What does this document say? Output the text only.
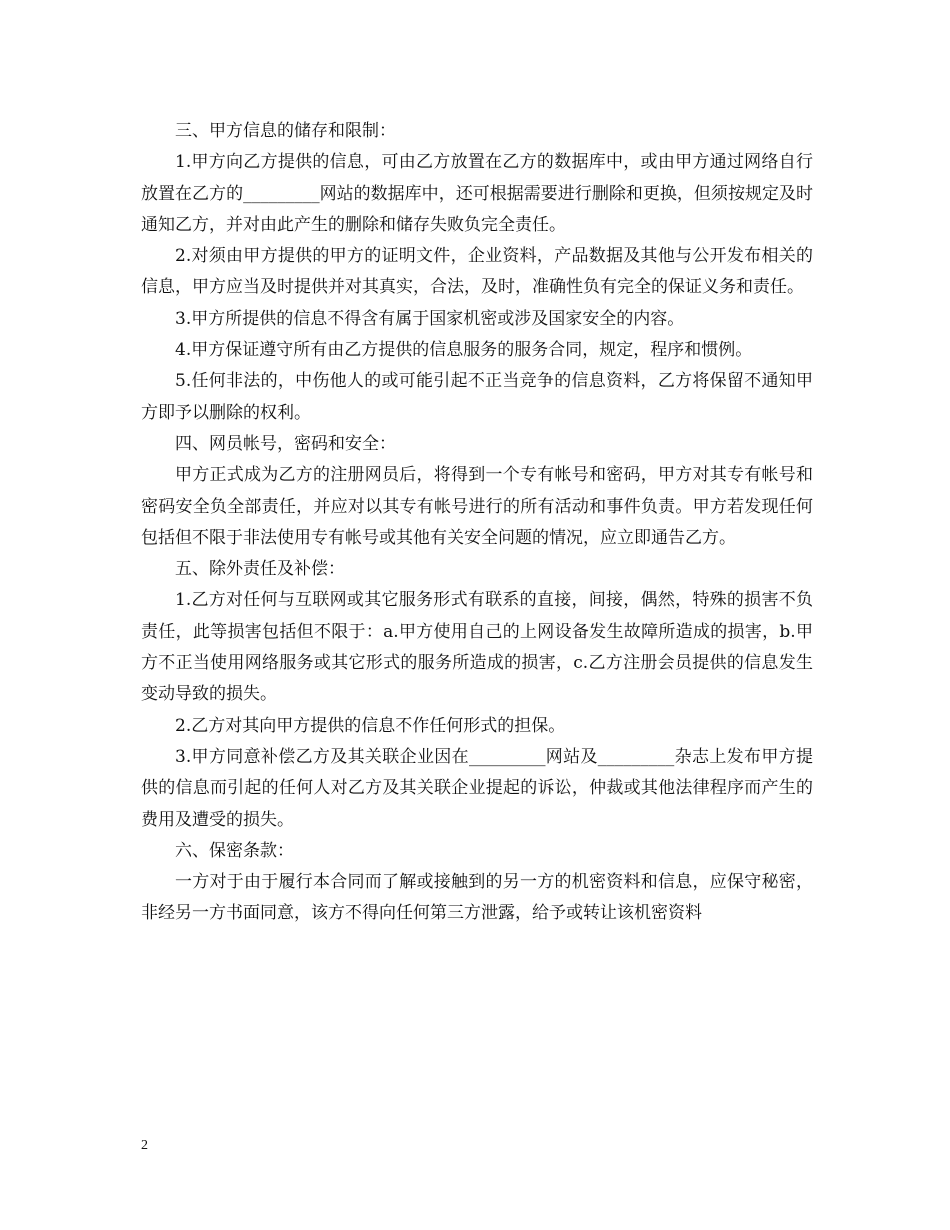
三、甲方信息的储存和限制：

1.甲方向乙方提供的信息，可由乙方放置在乙方的数据库中，或由甲方通过网络自行放置在乙方的_________网站的数据库中，还可根据需要进行删除和更换，但须按规定及时通知乙方，并对由此产生的删除和储存失败负完全责任。

2.对须由甲方提供的甲方的证明文件，企业资料，产品数据及其他与公开发布相关的信息，甲方应当及时提供并对其真实，合法，及时，准确性负有完全的保证义务和责任。

3.甲方所提供的信息不得含有属于国家机密或涉及国家安全的内容。

4.甲方保证遵守所有由乙方提供的信息服务的服务合同，规定，程序和惯例。

5.任何非法的，中伤他人的或可能引起不正当竞争的信息资料，乙方将保留不通知甲方即予以删除的权利。

四、网员帐号，密码和安全：

甲方正式成为乙方的注册网员后，将得到一个专有帐号和密码，甲方对其专有帐号和密码安全负全部责任，并应对以其专有帐号进行的所有活动和事件负责。甲方若发现任何包括但不限于非法使用专有帐号或其他有关安全问题的情况，应立即通告乙方。

五、除外责任及补偿：

1.乙方对任何与互联网或其它服务形式有联系的直接，间接，偶然，特殊的损害不负责任，此等损害包括但不限于：a.甲方使用自己的上网设备发生故障所造成的损害，b.甲方不正当使用网络服务或其它形式的服务所造成的损害，c.乙方注册会员提供的信息发生变动导致的损失。

2.乙方对其向甲方提供的信息不作任何形式的担保。

3.甲方同意补偿乙方及其关联企业因在_________网站及_________杂志上发布甲方提供的信息而引起的任何人对乙方及其关联企业提起的诉讼，仲裁或其他法律程序而产生的费用及遭受的损失。

六、保密条款：

一方对于由于履行本合同而了解或接触到的另一方的机密资料和信息，应保守秘密，非经另一方书面同意，该方不得向任何第三方泄露，给予或转让该机密资料

2
